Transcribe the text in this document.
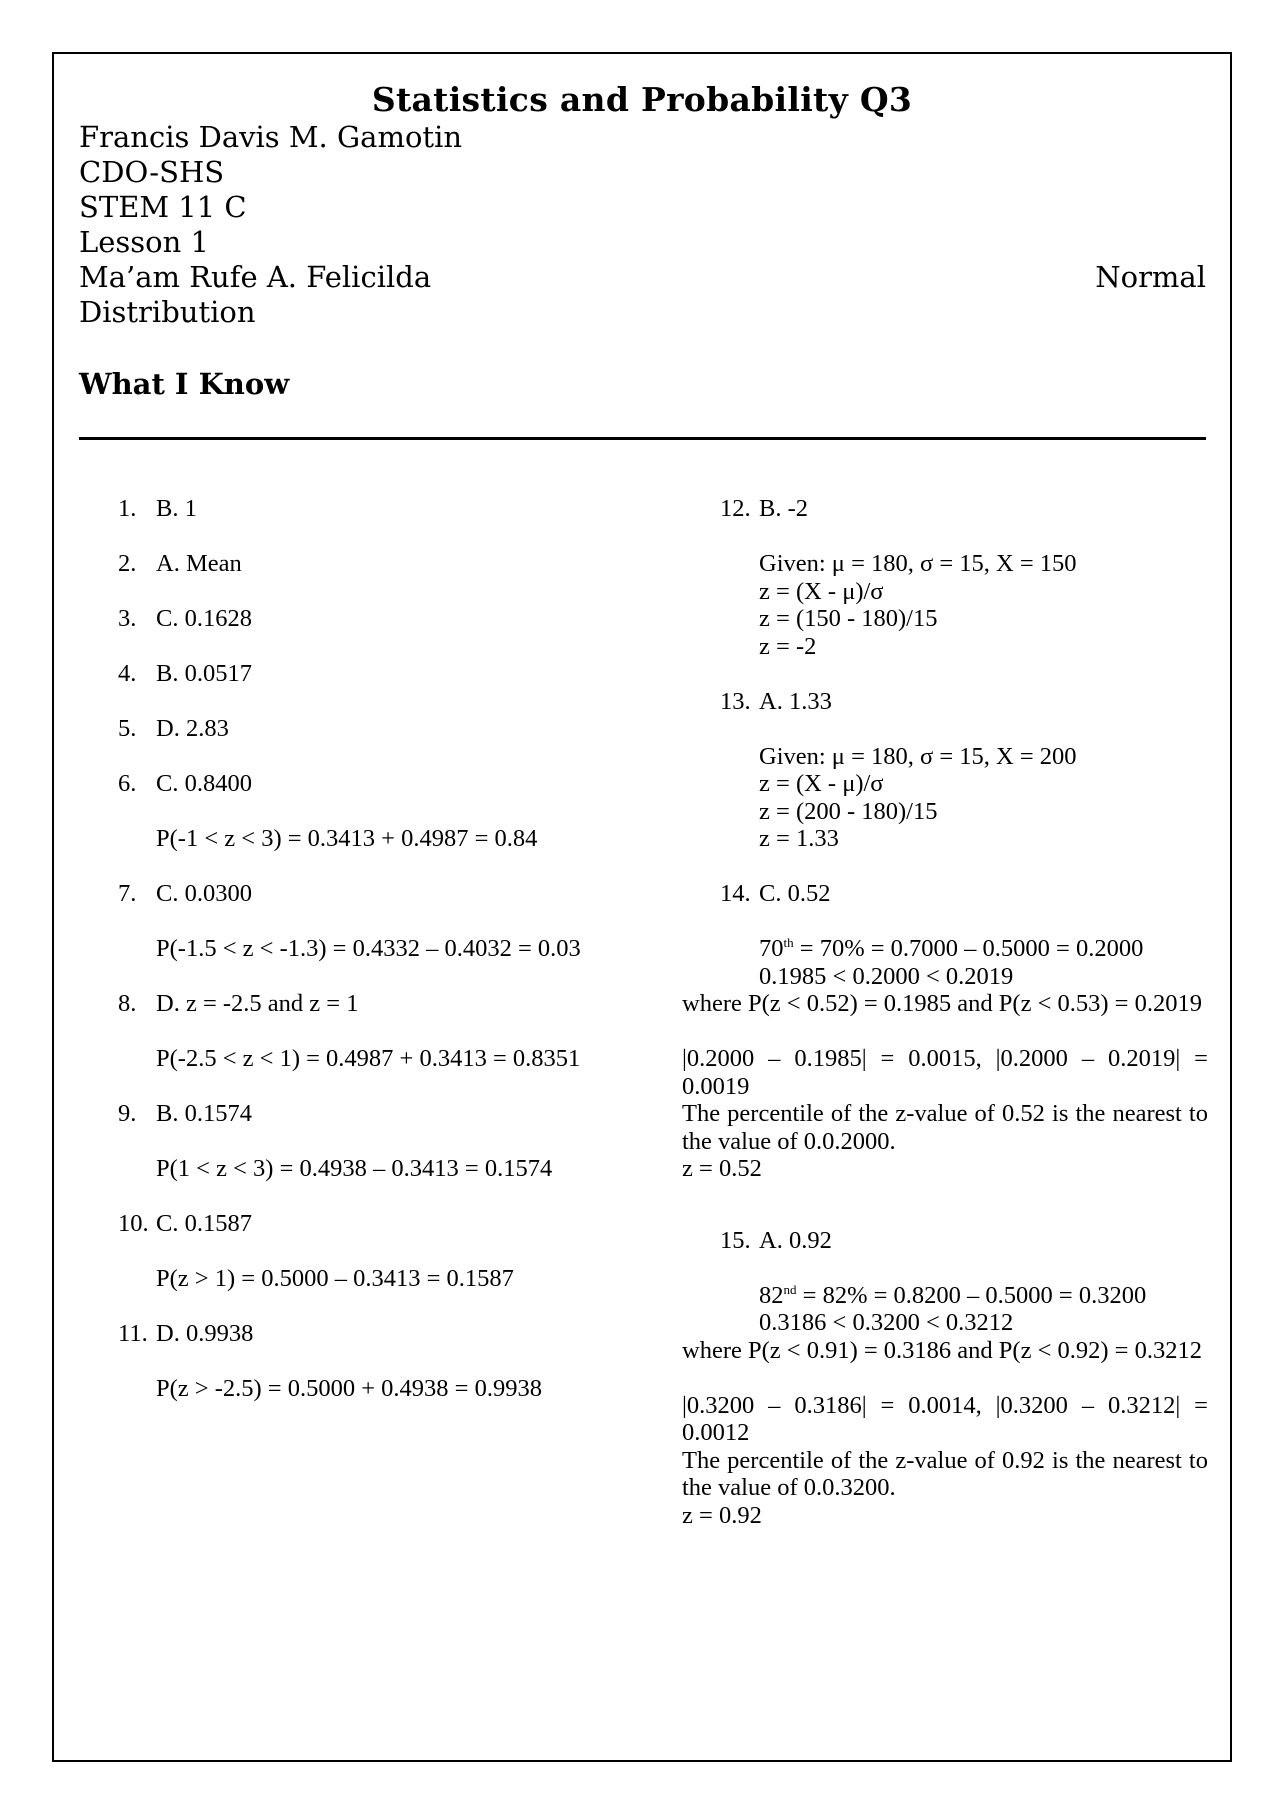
Statistics and Probability Q3
Francis Davis M. Gamotin
CDO-SHS
STEM 11 C
Lesson 1
Ma’am Rufe A. Felicilda	Normal
Distribution
What I Know
1. B. 1
2. A. Mean
3. C. 0.1628
4. B. 0.0517
5. D. 2.83
6. C. 0.8400
P(-1 < z < 3) = 0.3413 + 0.4987 = 0.84
7. C. 0.0300
P(-1.5 < z < -1.3) = 0.4332 – 0.4032 = 0.03
8. D. z = -2.5 and z = 1
P(-2.5 < z < 1) = 0.4987 + 0.3413 = 0.8351
9. B. 0.1574
P(1 < z < 3) = 0.4938 – 0.3413 = 0.1574
10. C. 0.1587
P(z > 1) = 0.5000 – 0.3413 = 0.1587
11. D. 0.9938
P(z > -2.5) = 0.5000 + 0.4938 = 0.9938
12. B. -2
Given: μ = 180, σ = 15, X = 150
z = (X - μ)/σ
z = (150 - 180)/15
z = -2
13. A. 1.33
Given: μ = 180, σ = 15, X = 200
z = (X - μ)/σ
z = (200 - 180)/15
z = 1.33
14. C. 0.52
70th = 70% = 0.7000 – 0.5000 = 0.2000
0.1985 < 0.2000 < 0.2019
where P(z < 0.52) = 0.1985 and P(z < 0.53) = 0.2019
|0.2000 – 0.1985| = 0.0015, |0.2000 – 0.2019| = 0.0019
The percentile of the z-value of 0.52 is the nearest to the value of 0.0.2000.
z = 0.52
15. A. 0.92
82nd = 82% = 0.8200 – 0.5000 = 0.3200
0.3186 < 0.3200 < 0.3212
where P(z < 0.91) = 0.3186 and P(z < 0.92) = 0.3212
|0.3200 – 0.3186| = 0.0014, |0.3200 – 0.3212| = 0.0012
The percentile of the z-value of 0.92 is the nearest to the value of 0.0.3200.
z = 0.92
